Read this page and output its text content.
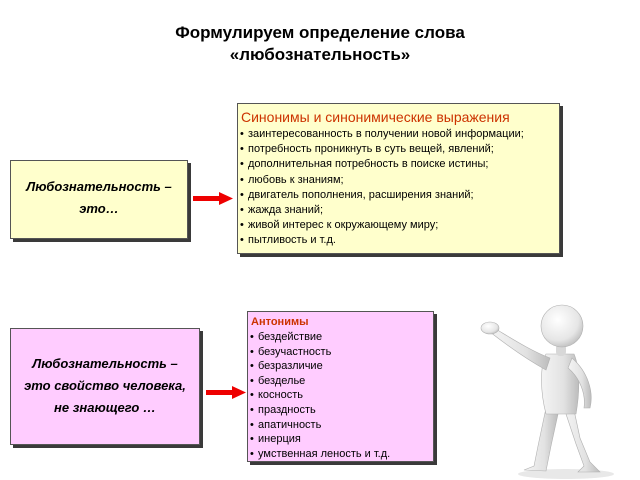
Формулируем определение слова
«любознательность»
Любознательность –
это…
Синонимы и синонимические выражения
• заинтересованность в получении новой информации;
• потребность проникнуть в суть вещей, явлений;
• дополнительная потребность в поиске истины;
• любовь к знаниям;
• двигатель пополнения, расширения знаний;
• жажда знаний;
• живой интерес к окружающему миру;
• пытливость и т.д.
Любознательность –
это свойство человека,
не знающего …
Антонимы
• бездействие
• безучастность
• безразличие
• безделье
• косность
• праздность
• апатичность
• инерция
• умственная леность и т.д.
